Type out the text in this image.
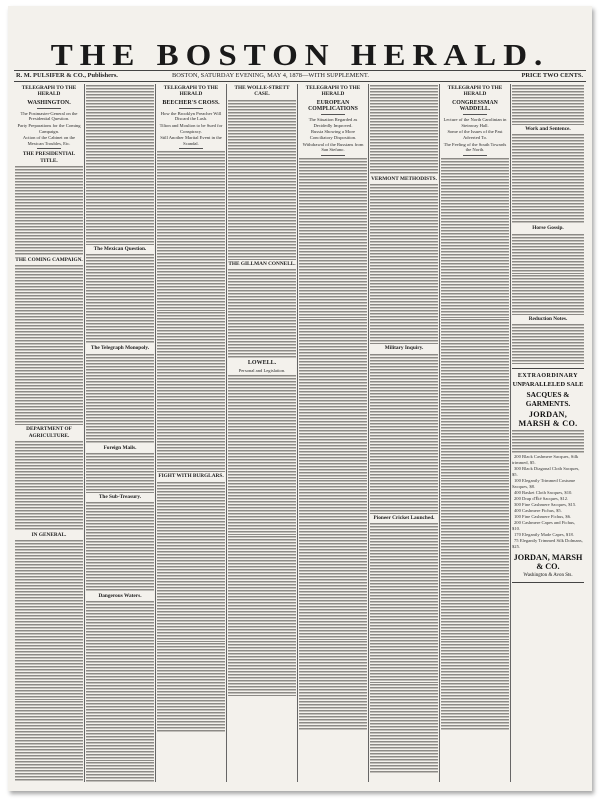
THE BOSTON HERALD.
R. M. PULSIFER & CO., Publishers.	BOSTON, SATURDAY EVENING, MAY 4, 1878—WITH SUPPLEMENT.	PRICE TWO CENTS.
TELEGRAPH TO THE HERALD
WASHINGTON.
The Postmaster-General on the Presidential Question.
Party Preparations for the Coming Campaign.
Action of the Cabinet on the Mexican Troubles, Etc.
THE PRESIDENTIAL TITLE.
THE COMING CAMPAIGN.
DEPARTMENT OF AGRICULTURE.
IN GENERAL.
The Mexican Question.
The Telegraph Monopoly.
Foreign Mails.
The Sub-Treasury.
Dangerous Waters.
TELEGRAPH TO THE HERALD
BEECHER'S CROSS.
How the Brooklyn Preacher Will Discard the Lash.
Tilton and Moulton to be Sued for Conspiracy.
Still Another Marital Event in the Scandal.
FIGHT WITH BURGLARS.
THE WOLLE-STRETT CASE.
THE GILLMAN CONNELL.
LOWELL.
Personal and Legislation.
TELEGRAPH TO THE HERALD
EUROPEAN COMPLICATIONS
The Situation Regarded as Decidedly Improved.
Russia Showing a More Conciliatory Disposition.
Withdrawal of the Russians from San Stefano.
VERMONT METHODISTS.
Military Inquiry.
Pioneer Cricket Launched.
TELEGRAPH TO THE HERALD
CONGRESSMAN WADDELL.
Lecture of the North Carolinian in Steinway Hall.
Some of the Issues of the Past Adverted To.
The Feeling of the South Towards the North.
Work and Sentence.
Horse Gossip.
Reduction Notes.
EXTRAORDINARY
UNPARALLELED SALE
SACQUES & GARMENTS.
JORDAN, MARSH & CO.
200 Black Cashmere Sacques, Silk trimmed, $5.
300 Black Diagonal Cloth Sacques, $5.
100 Elegantly Trimmed Costume Sacques, $8.
400 Basket Cloth Sacques, $10.
200 Drap d'Été Sacques, $12.
300 Fine Cashmere Sacques, $15.
400 Cashmere Fichus, $5.
100 Fine Cashmere Fichus, $6.
200 Cashmere Capes and Fichus, $10.
170 Elegantly Made Capes, $18.
75 Elegantly Trimmed Silk Dolmans, $25.
JORDAN, MARSH & CO.
Washington & Avon Sts.
